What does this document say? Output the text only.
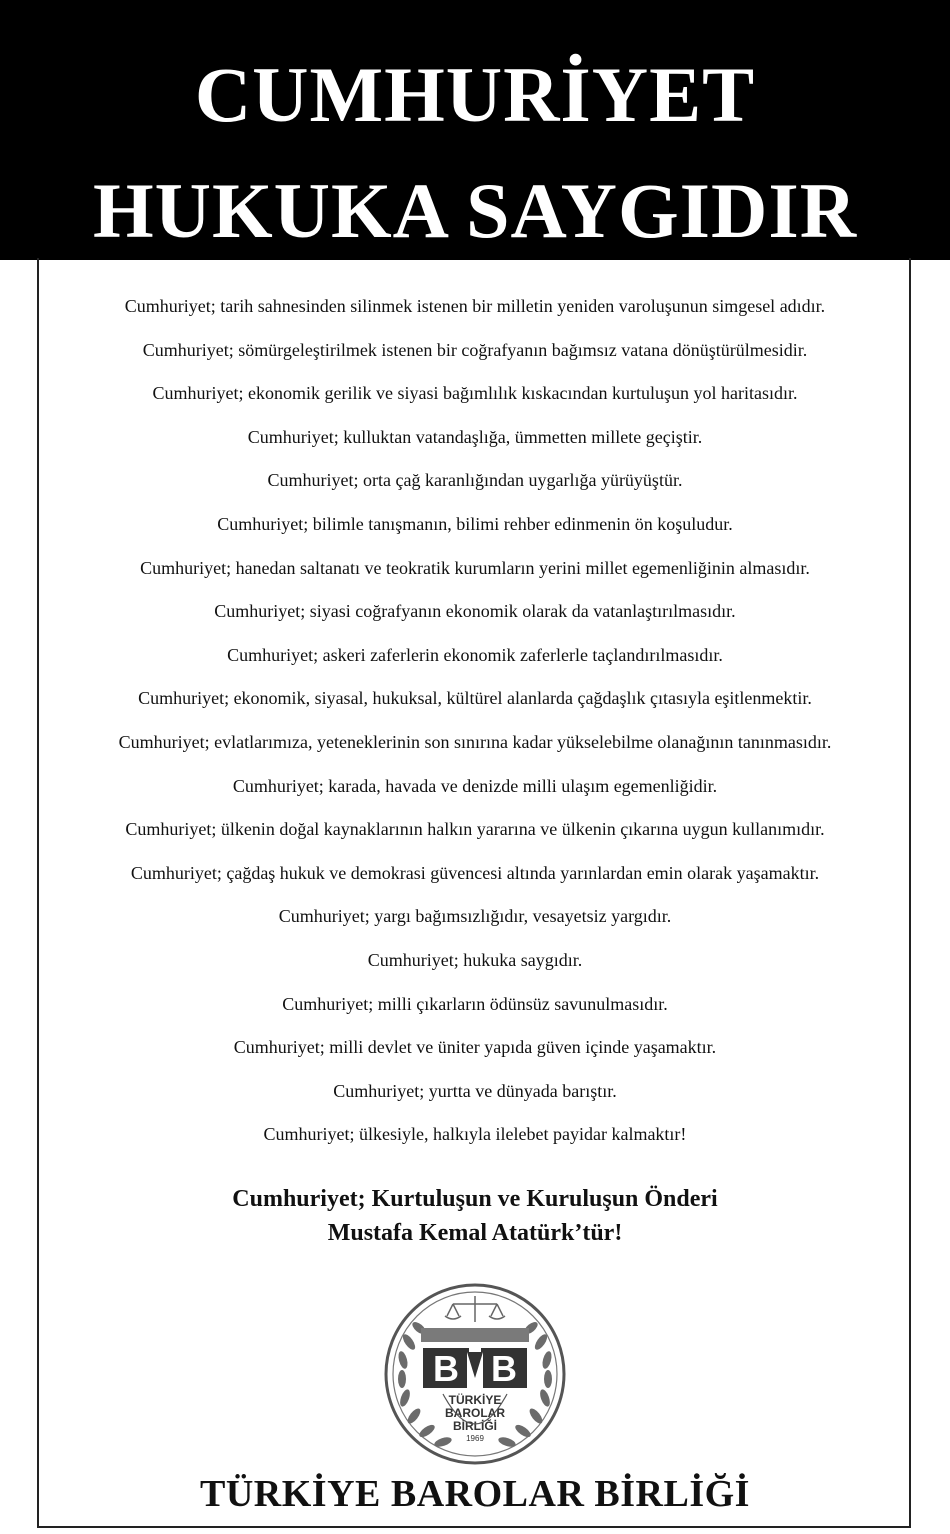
CUMHURİYET
HUKUKA SAYGIDIR
Cumhuriyet; tarih sahnesinden silinmek istenen bir milletin yeniden varoluşunun simgesel adıdır.
Cumhuriyet; sömürgeleştirilmek istenen bir coğrafyanın bağımsız vatana dönüştürülmesidir.
Cumhuriyet; ekonomik gerilik ve siyasi bağımlılık kıskacından kurtuluşun yol haritasıdır.
Cumhuriyet; kulluktan vatandaşlığa, ümmetten millete geçiştir.
Cumhuriyet; orta çağ karanlığından uygarlığa yürüyüştür.
Cumhuriyet; bilimle tanışmanın, bilimi rehber edinmenin ön koşuludur.
Cumhuriyet; hanedan saltanatı ve teokratik kurumların yerini millet egemenliğinin almasıdır.
Cumhuriyet; siyasi coğrafyanın ekonomik olarak da vatanlaştırılmasıdır.
Cumhuriyet; askeri zaferlerin ekonomik zaferlerle taçlandırılmasıdır.
Cumhuriyet; ekonomik, siyasal, hukuksal, kültürel alanlarda çağdaşlık çıtasıyla eşitlenmektir.
Cumhuriyet; evlatlarımıza, yeteneklerinin son sınırına kadar yükselebilme olanağının tanınmasıdır.
Cumhuriyet; karada, havada ve denizde milli ulaşım egemenliğidir.
Cumhuriyet; ülkenin doğal kaynaklarının halkın yararına ve ülkenin çıkarına uygun kullanımıdır.
Cumhuriyet; çağdaş hukuk ve demokrasi güvencesi altında yarınlardan emin olarak yaşamaktır.
Cumhuriyet; yargı bağımsızlığıdır, vesayetsiz yargıdır.
Cumhuriyet; hukuka saygıdır.
Cumhuriyet; milli çıkarların ödünsüz savunulmasıdır.
Cumhuriyet; milli devlet ve üniter yapıda güven içinde yaşamaktır.
Cumhuriyet; yurtta ve dünyada barıştır.
Cumhuriyet; ülkesiyle, halkıyla ilelebet payidar kalmaktır!
Cumhuriyet; Kurtuluşun ve Kuruluşun Önderi
Mustafa Kemal Atatürk’tür!
B B
TÜRKİYE
BAROLAR
BİRLİĞİ
1969
TÜRKİYE BAROLAR BİRLİĞİ
